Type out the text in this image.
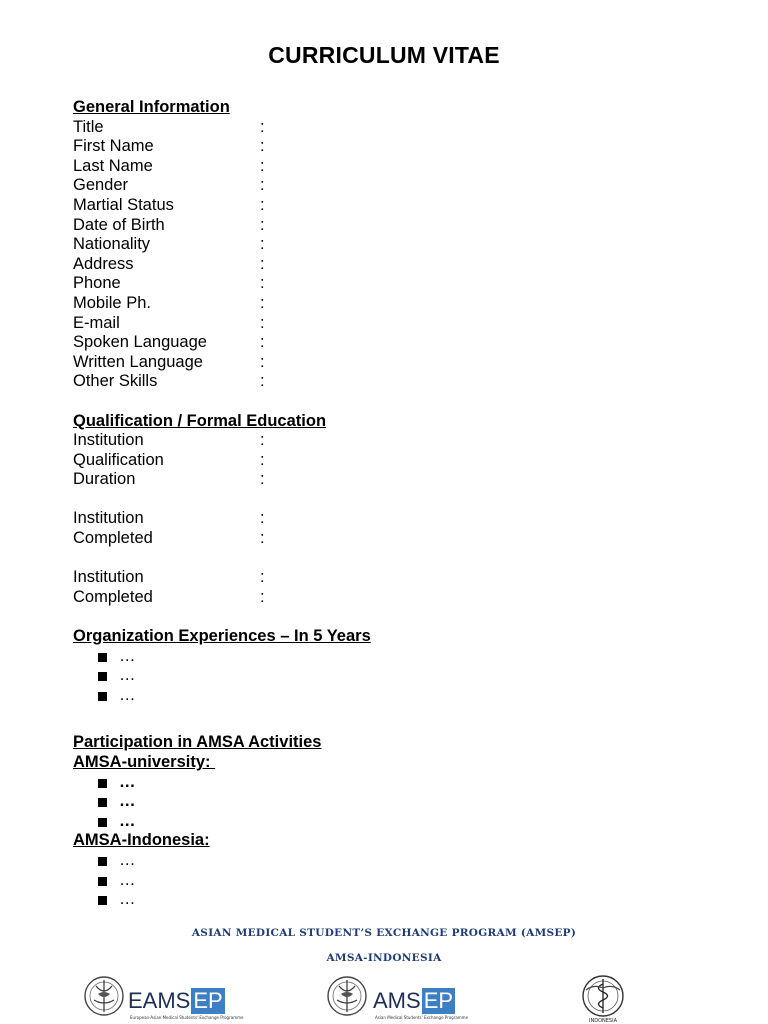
CURRICULUM VITAE
General Information
Title	:
First Name	:
Last Name	:
Gender	:
Martial Status	:
Date of Birth	:
Nationality	:
Address	:
Phone	:
Mobile Ph.	:
E-mail	:
Spoken Language	:
Written Language	:
Other Skills	:
Qualification / Formal Education
Institution	:
Qualification	:
Duration	:
Institution	:
Completed	:
Institution	:
Completed	:
Organization Experiences – In 5 Years
…
…
…
Participation in AMSA Activities
AMSA-university:
…
…
…
AMSA-Indonesia:
…
…
…
ASIAN MEDICAL STUDENT’S EXCHANGE PROGRAM (AMSEP)
AMSA-INDONESIA
EAMS EP
European-Asian Medical Students' Exchange Programme
AMS EP
Asian Medical Students' Exchange Programme
INDONESIA
